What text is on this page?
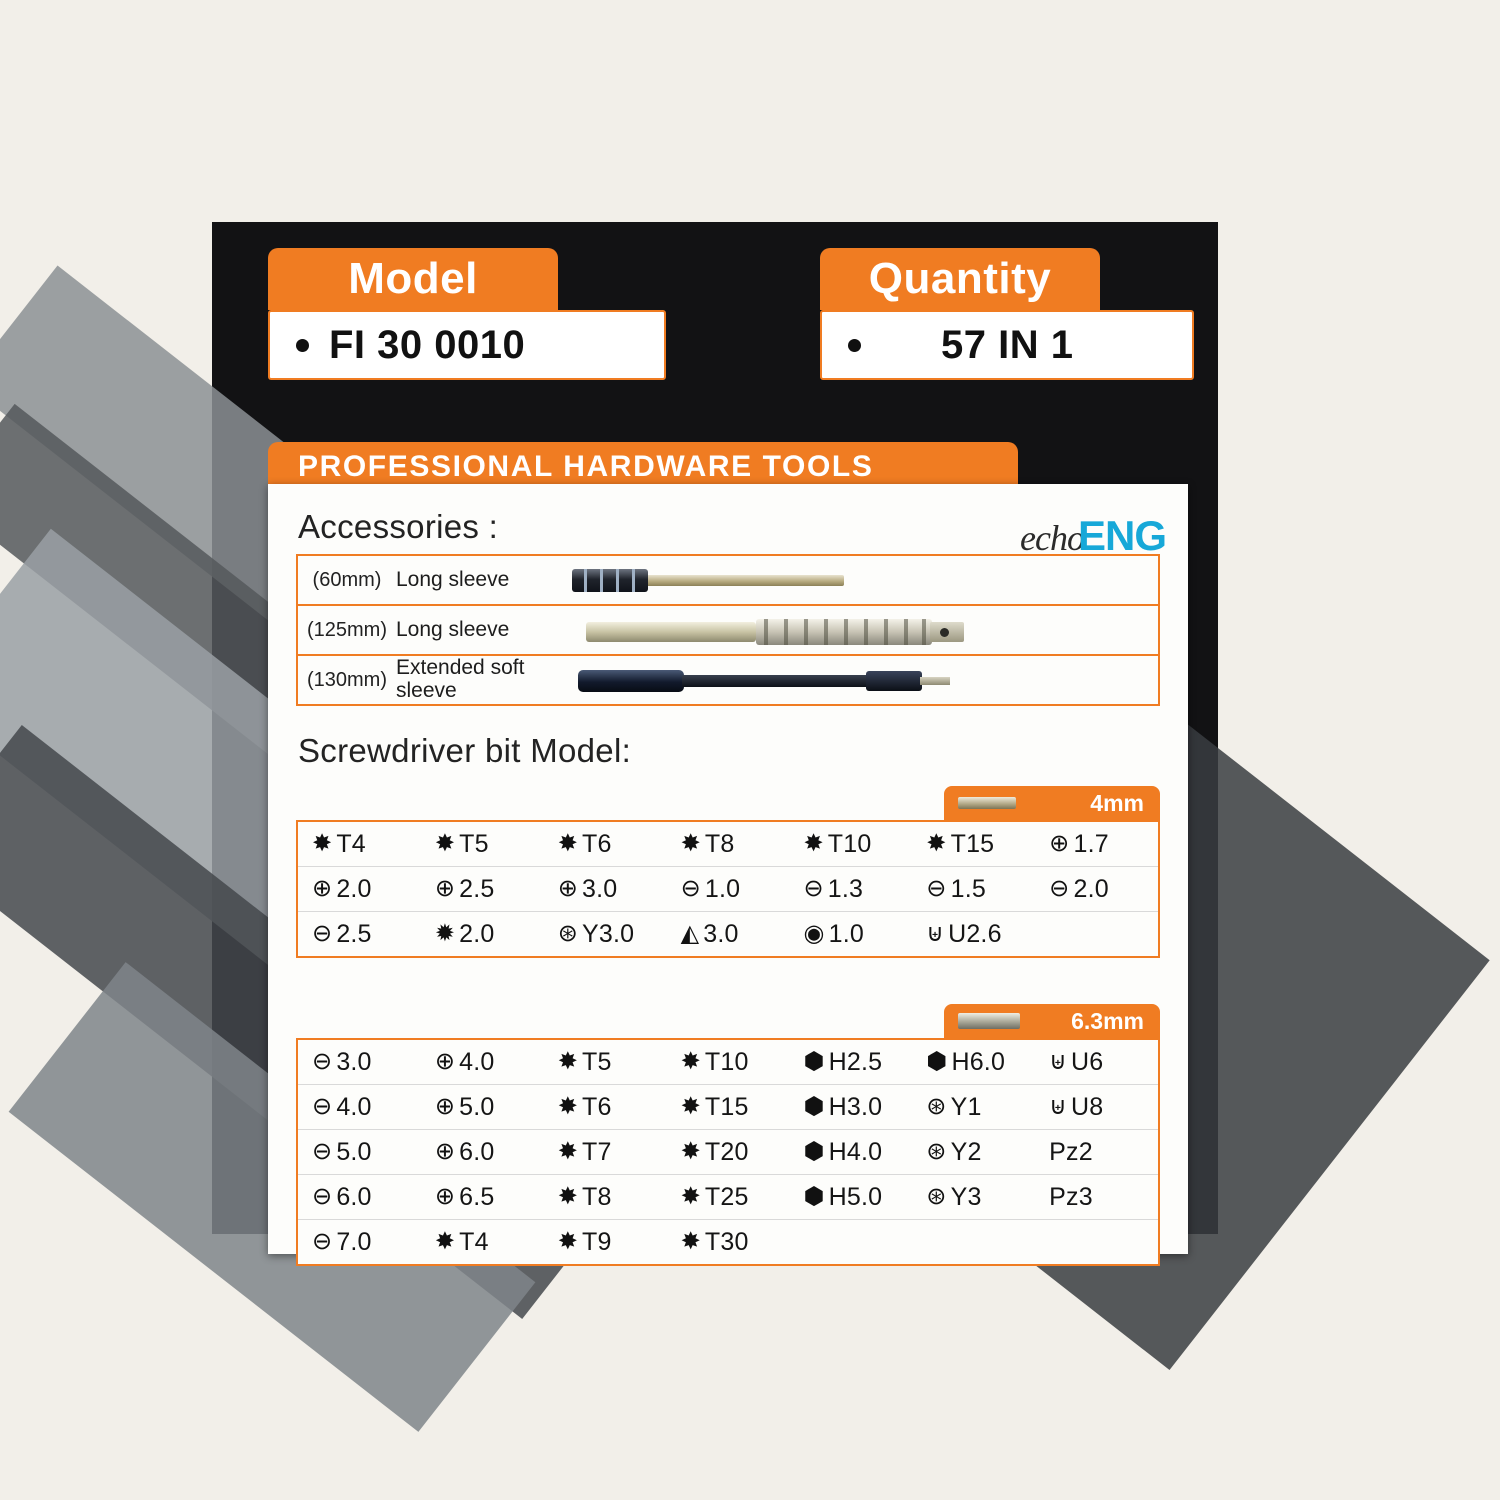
Model
FI 30 0010
Quantity
57 IN 1
PROFESSIONAL HARDWARE TOOLS
Accessories :	echo
ENG
(60mm) Long sleeve
(125mm) Long sleeve
(130mm)
Extended soft sleeve
Screwdriver bit Model:
4mm
✸ T4	✸ T5	✸ T6	✸ T8	✸ T10 ✸ T15 ⊕ 1.7
⊕ 2.0	⊕ 2.5	⊕ 3.0	⊖ 1.0	⊖ 1.3	⊖ 1.5	⊖ 2.0
⊖ 2.5	✹ 2.0	⊛ Y3.0 ◭ 3.0	◉ 1.0	⊎ U2.6
6.3mm
⊖ 3.0	⊕ 4.0	✸ T5	✸ T10 ⬢ H2.5 ⬢ H6.0 ⊎ U6
⊖ 4.0	⊕ 5.0	✸ T6	✸ T15 ⬢ H3.0 ⊛ Y1	⊎ U8
⊖ 5.0	⊕ 6.0	✸ T7	✸ T20 ⬢ H4.0 ⊛ Y2	Pz2
⊖ 6.0	⊕ 6.5	✸ T8	✸ T25 ⬢ H5.0 ⊛ Y3	Pz3
⊖ 7.0	✸ T4	✸ T9	✸ T30
